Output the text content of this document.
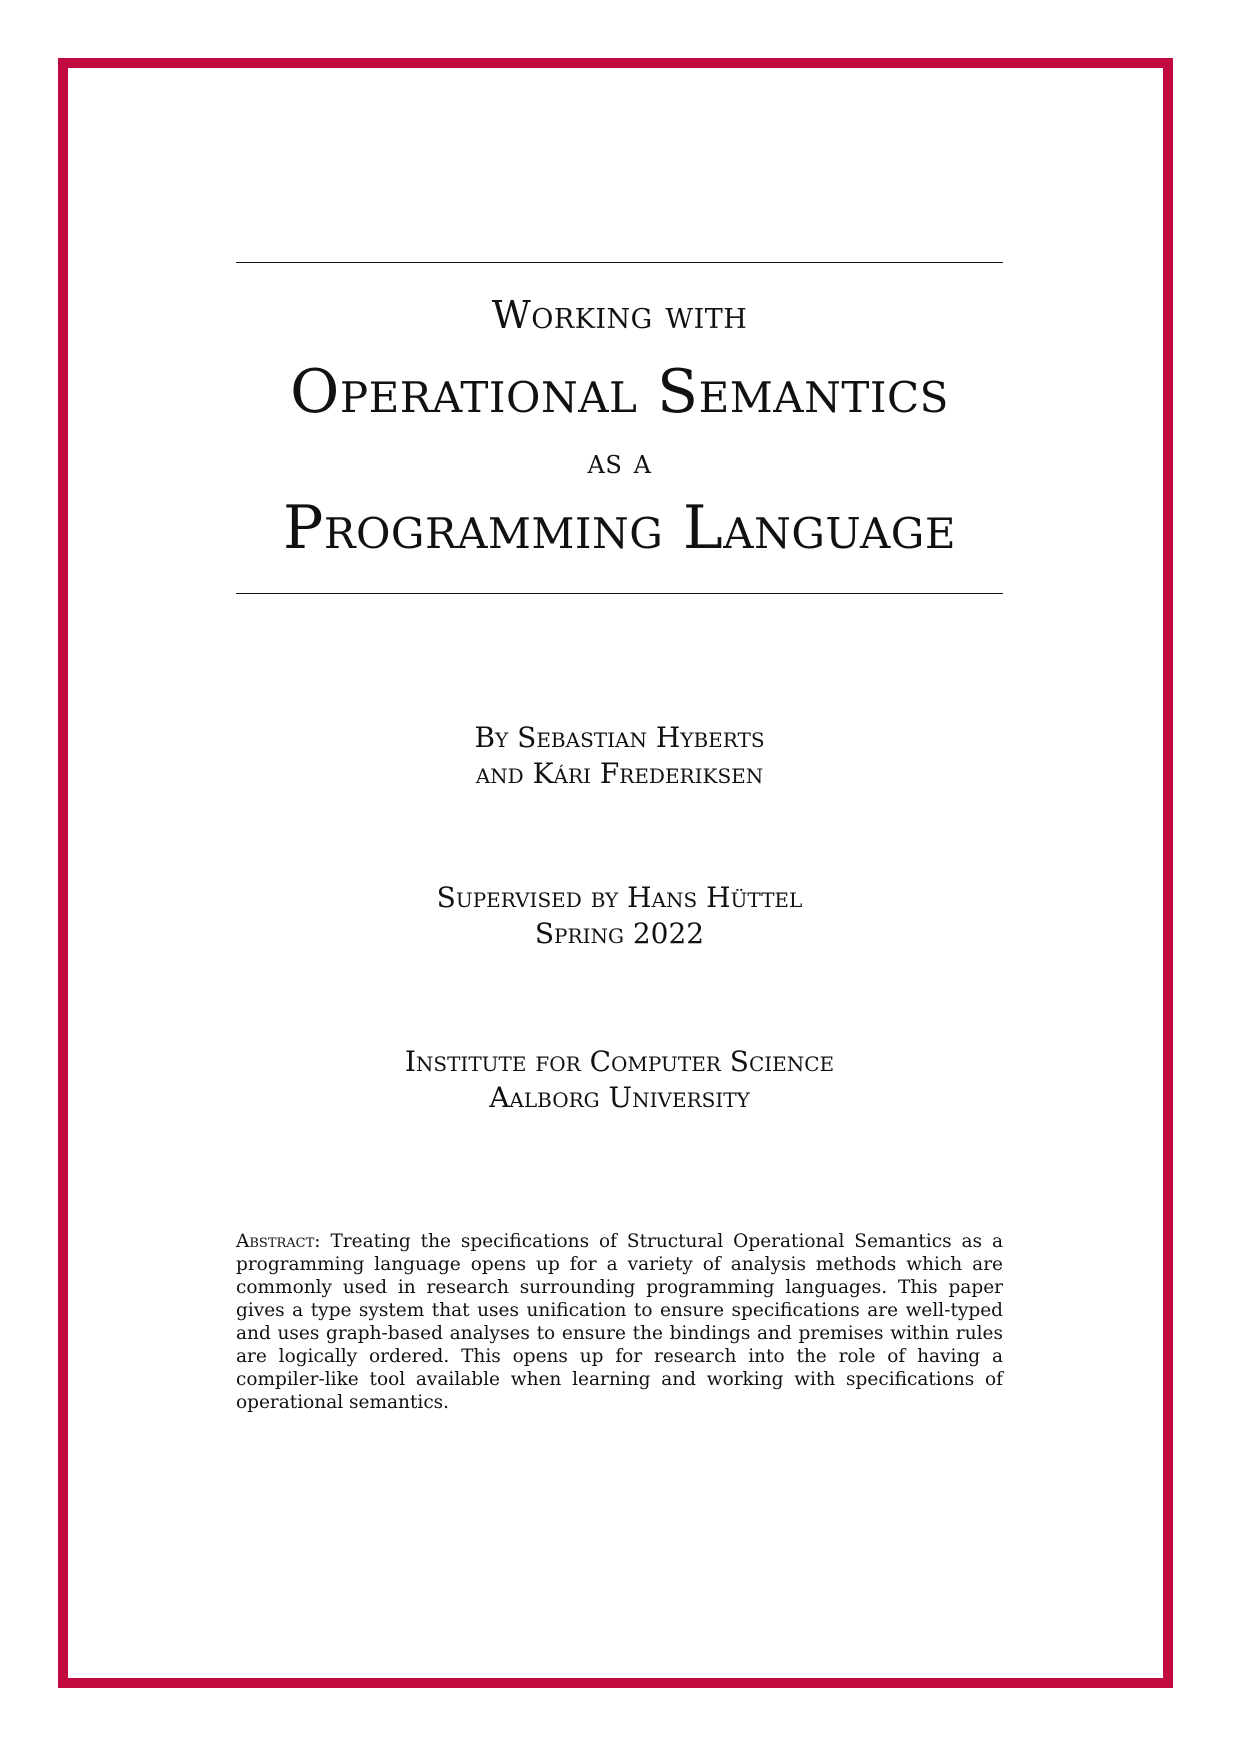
Working with
Operational Semantics
as a
Programming Language
By Sebastian Hyberts
and Kári Frederiksen
Supervised by Hans Hüttel
Spring 2022
Institute for Computer Science
Aalborg University
Abstract: Treating the specifications of Structural Operational Semantics as a programming language opens up for a variety of analysis methods which are commonly used in research surrounding programming languages. This paper gives a type system that uses unification to ensure specifications are well-typed and uses graph-based analyses to ensure the bindings and premises within rules are logically ordered. This opens up for research into the role of having a compiler-like tool available when learning and working with specifications of operational semantics.
